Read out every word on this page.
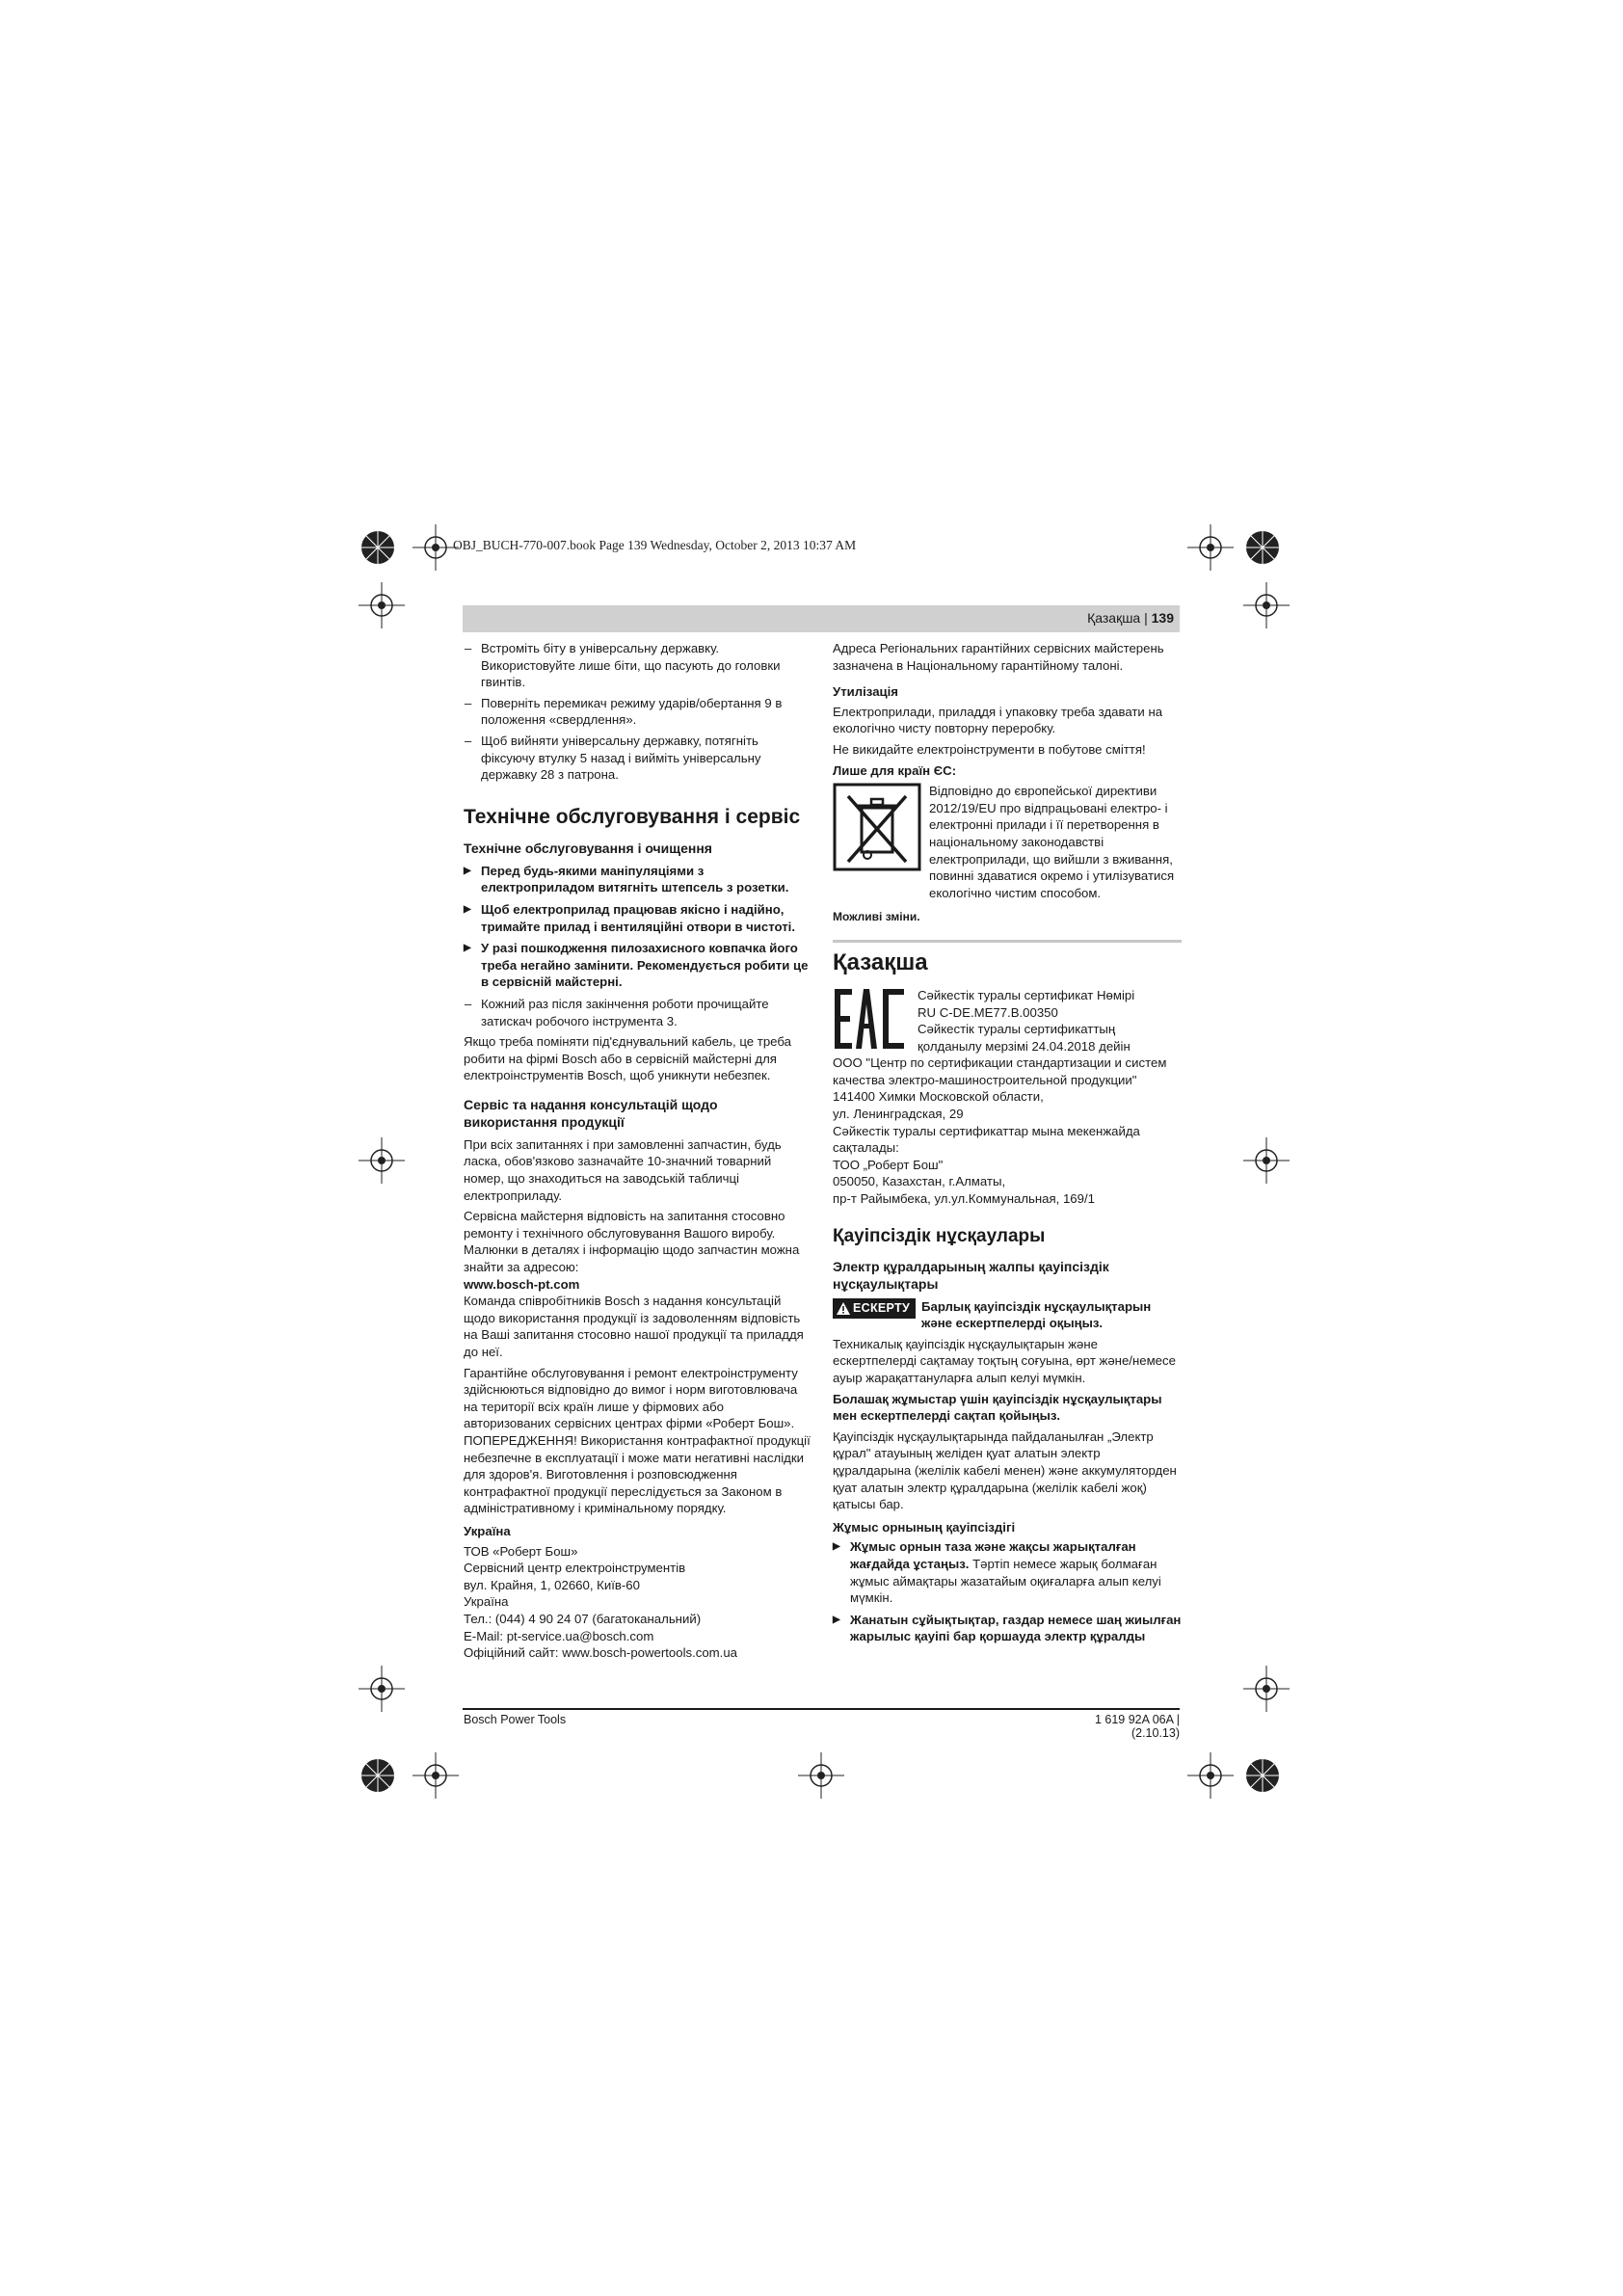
OBJ_BUCH-770-007.book Page 139 Wednesday, October 2, 2013 10:37 AM
Қазақша | 139

– Встроміть біту в універсальну державку. Використовуйте лише біти, що пасують до головки гвинтів.

– Поверніть перемикач режиму ударів/обертання 9 в положення «свердлення».

– Щоб вийняти універсальну державку, потягніть фіксуючу втулку 5 назад і вийміть універсальну державку 28 з патрона.

Технічне обслуговування і сервіс
Технічне обслуговування і очищення

▶ Перед будь-якими маніпуляціями з електроприладом витягніть штепсель з розетки.

▶ Щоб електроприлад працював якісно і надійно, тримайте прилад і вентиляційні отвори в чистоті.

▶ У разі пошкодження пилозахисного ковпачка його треба негайно замінити. Рекомендується робити це в сервісній майстерні.

– Кожний раз після закінчення роботи прочищайте затискач робочого інструмента 3.

Якщо треба поміняти під'єднувальний кабель, це треба робити на фірмі Bosch або в сервісній майстерні для електроінструментів Bosch, щоб уникнути небезпек.

Сервіс та надання консультацій щодо використання продукції

При всіх запитаннях і при замовленні запчастин, будь ласка, обов'язково зазначайте 10-значний товарний номер, що знаходиться на заводській табличці електроприладу.

Сервісна майстерня відповість на запитання стосовно ремонту і технічного обслуговування Вашого виробу. Малюнки в деталях і інформацію щодо запчастин можна знайти за адресою:

www.bosch-pt.com

Команда співробітників Bosch з надання консультацій щодо використання продукції із задоволенням відповість на Ваші запитання стосовно нашої продукції та приладдя до неї.

Гарантійне обслуговування і ремонт електроінструменту здійснюються відповідно до вимог і норм виготовлювача на території всіх країн лише у фірмових або авторизованих сервісних центрах фірми «Роберт Бош». ПОПЕРЕДЖЕННЯ! Використання контрафактної продукції небезпечне в експлуатації і може мати негативні наслідки для здоров'я. Виготовлення і розповсюдження контрафактної продукції переслідується за Законом в адміністративному і кримінальному порядку.

Україна
ТОВ «Роберт Бош»
Сервісний центр електроінструментів
вул. Крайня, 1, 02660, Київ-60
Україна
Тел.: (044) 4 90 24 07 (багатоканальний)
E-Mail: pt-service.ua@bosch.com
Офіційний сайт: www.bosch-powertools.com.ua

Адреса Регіональних гарантійних сервісних майстерень зазначена в Національному гарантійному талоні.

Утилізація

Електроприлади, приладдя і упаковку треба здавати на екологічно чисту повторну переробку.

Не викидайте електроінструменти в побутове сміття!

Лише для країн ЄС:

Відповідно до європейської директиви 2012/19/EU про відпрацьовані електро- і електронні прилади і її перетворення в національному законодавстві електроприлади, що вийшли з вживання, повинні здаватися окремо і утилізуватися екологічно чистим способом.

Можливі зміни.

Қазақша
Сәйкестік туралы сертификат Нөмірі
RU C-DE.ME77.B.00350
Сәйкестік туралы сертификаттың
қолданылу мерзімі 24.04.2018 дейін
ООО "Центр по сертификации стандартизации и систем качества электро-машиностроительной продукции"
141400 Химки Московской области,
ул. Ленинградская, 29
Сәйкестік туралы сертификаттар мына мекенжайда сақталады:
ТОО „Роберт Бош"
050050, Казахстан, г.Алматы,
пр-т Райымбека, ул.ул.Коммунальная, 169/1
Қауіпсіздік нұсқаулары
Электр құралдарының жалпы қауіпсіздік нұсқаулықтары
ЕСКЕРТУ Барлық қауіпсіздік нұсқаулықтарын және ескертпелерді оқыңыз.

Техникалық қауіпсіздік нұсқаулықтарын және ескертпелерді сақтамау тоқтың соғуына, өрт және/немесе ауыр жарақаттануларға алып келуі мүмкін.

Болашақ жұмыстар үшін қауіпсіздік нұсқаулықтары мен ескертпелерді сақтап қойыңыз.

Қауіпсіздік нұсқаулықтарында пайдаланылған „Электр құрал" атауының желіден қуат алатын электр құралдарына (желілік кабелі менен) және аккумуляторден қуат алатын электр құралдарына (желілік кабелі жоқ) қатысы бар.

Жұмыс орнының қауіпсіздігі

▶ Жұмыс орнын таза және жақсы жарықталған жағдайда ұстаңыз. Тәртіп немесе жарық болмаған жұмыс аймақтары жазатайым оқиғаларға алып келуі мүмкін.

▶ Жанатын сұйықтықтар, газдар немесе шаң жиылған жарылыс қауіпі бар қоршауда электр құралды

Bosch Power Tools	1 619 92A 06A | (2.10.13)
